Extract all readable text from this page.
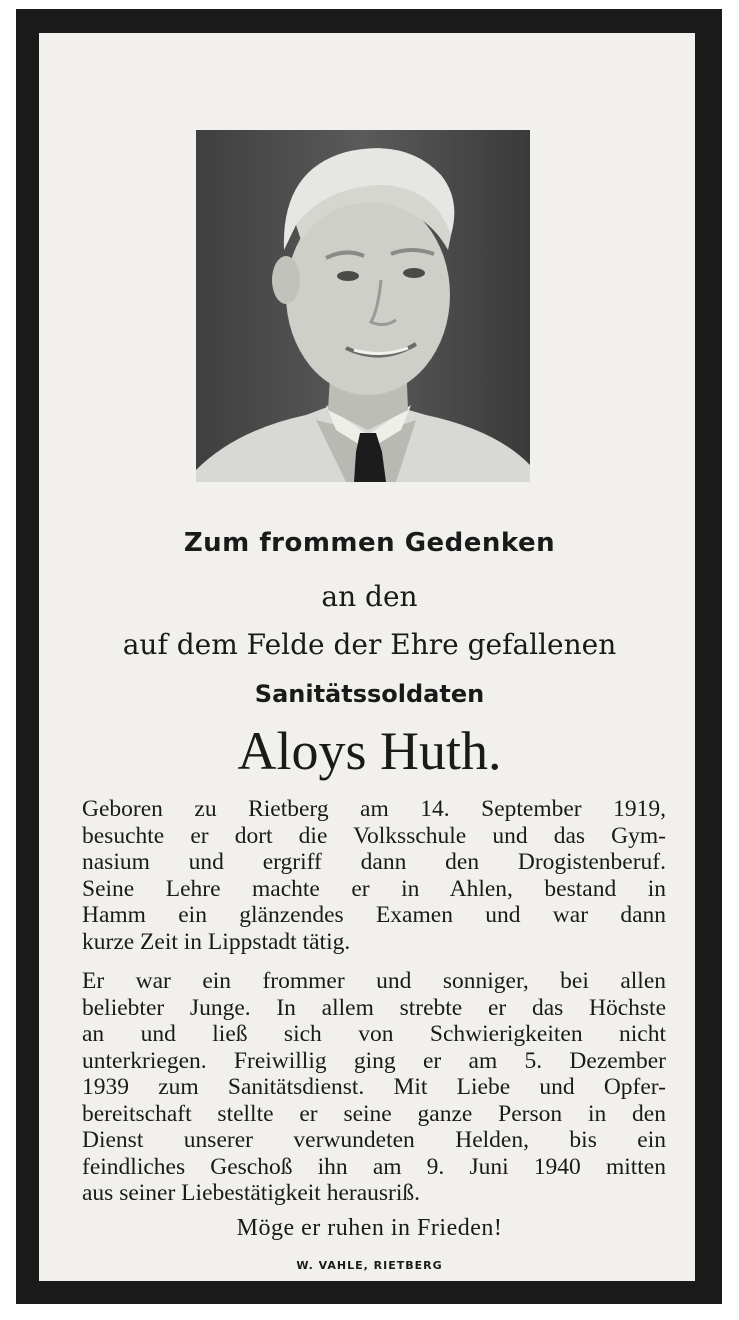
Zum frommen Gedenken
an den
auf dem Felde der Ehre gefallenen
Sanitätssoldaten
Aloys Huth.
Geboren zu Rietberg am 14. September 1919,
besuchte er dort die Volksschule und das Gym-
nasium und ergriff dann den Drogistenberuf.
Seine Lehre machte er in Ahlen, bestand in
Hamm ein glänzendes Examen und war dann
kurze Zeit in Lippstadt tätig.
Er war ein frommer und sonniger, bei allen
beliebter Junge. In allem strebte er das Höchste
an und ließ sich von Schwierigkeiten nicht
unterkriegen. Freiwillig ging er am 5. Dezember
1939 zum Sanitätsdienst. Mit Liebe und Opfer-
bereitschaft stellte er seine ganze Person in den
Dienst unserer verwundeten Helden, bis ein
feindliches Geschoß ihn am 9. Juni 1940 mitten
aus seiner Liebestätigkeit herausriß.
Möge er ruhen in Frieden!
W. VAHLE, RIETBERG
